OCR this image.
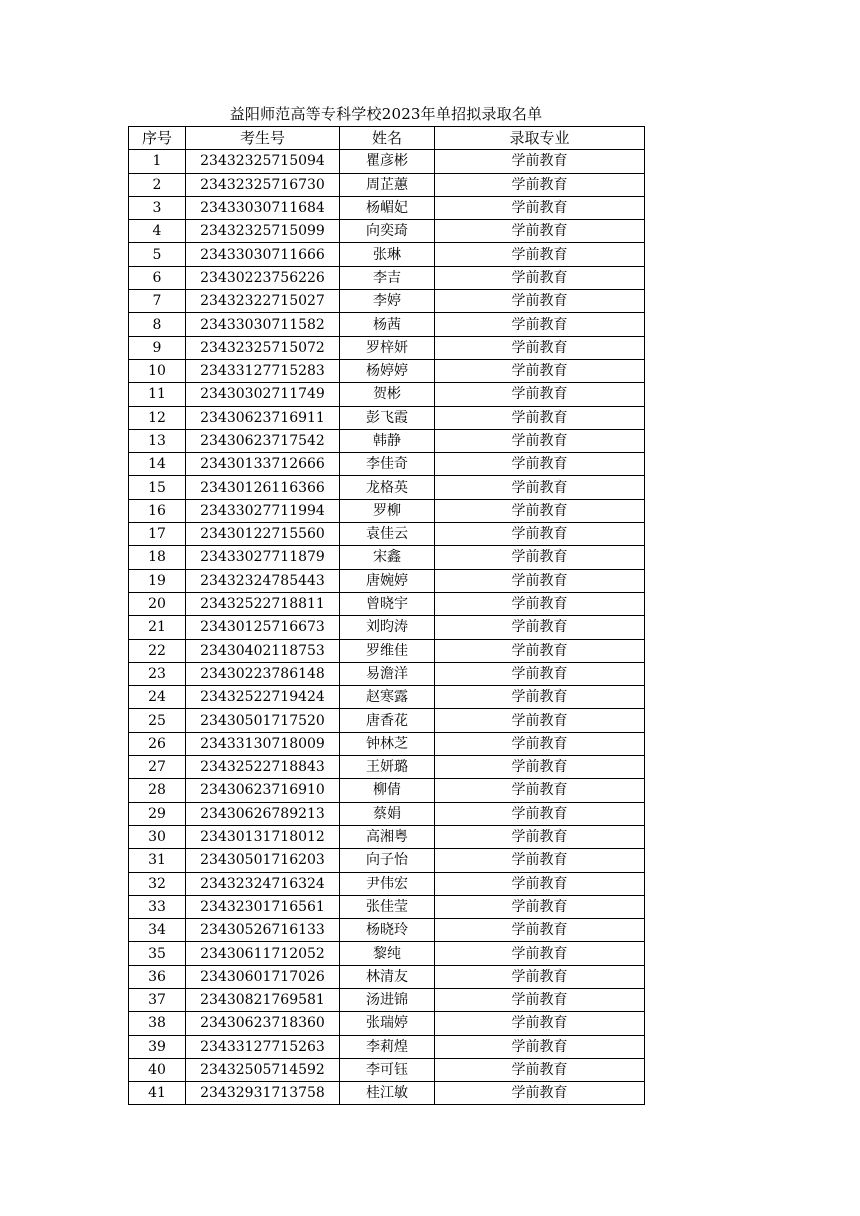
益阳师范高等专科学校2023年单招拟录取名单
序号	考生号	姓名	录取专业
1	23432325715094	瞿彦彬	学前教育
2	23432325716730	周芷蕙	学前教育
3	23433030711684	杨嵋妃	学前教育
4	23432325715099	向奕琦	学前教育
5	23433030711666	张琳	学前教育
6	23430223756226	李吉	学前教育
7	23432322715027	李婷	学前教育
8	23433030711582	杨茜	学前教育
9	23432325715072	罗梓妍	学前教育
10	23433127715283	杨婷婷	学前教育
11	23430302711749	贺彬	学前教育
12	23430623716911	彭飞霞	学前教育
13	23430623717542	韩静	学前教育
14	23430133712666	李佳奇	学前教育
15	23430126116366	龙格英	学前教育
16	23433027711994	罗柳	学前教育
17	23430122715560	袁佳云	学前教育
18	23433027711879	宋鑫	学前教育
19	23432324785443	唐婉婷	学前教育
20	23432522718811	曾晓宇	学前教育
21	23430125716673	刘昀涛	学前教育
22	23430402118753	罗维佳	学前教育
23	23430223786148	易澹洋	学前教育
24	23432522719424	赵寒露	学前教育
25	23430501717520	唐香花	学前教育
26	23433130718009	钟林芝	学前教育
27	23432522718843	王妍璐	学前教育
28	23430623716910	柳倩	学前教育
29	23430626789213	蔡娟	学前教育
30	23430131718012	高湘粤	学前教育
31	23430501716203	向子怡	学前教育
32	23432324716324	尹伟宏	学前教育
33	23432301716561	张佳莹	学前教育
34	23430526716133	杨晓玲	学前教育
35	23430611712052	黎纯	学前教育
36	23430601717026	林清友	学前教育
37	23430821769581	汤进锦	学前教育
38	23430623718360	张瑞婷	学前教育
39	23433127715263	李莉煌	学前教育
40	23432505714592	李可钰	学前教育
41	23432931713758	桂江敏	学前教育
